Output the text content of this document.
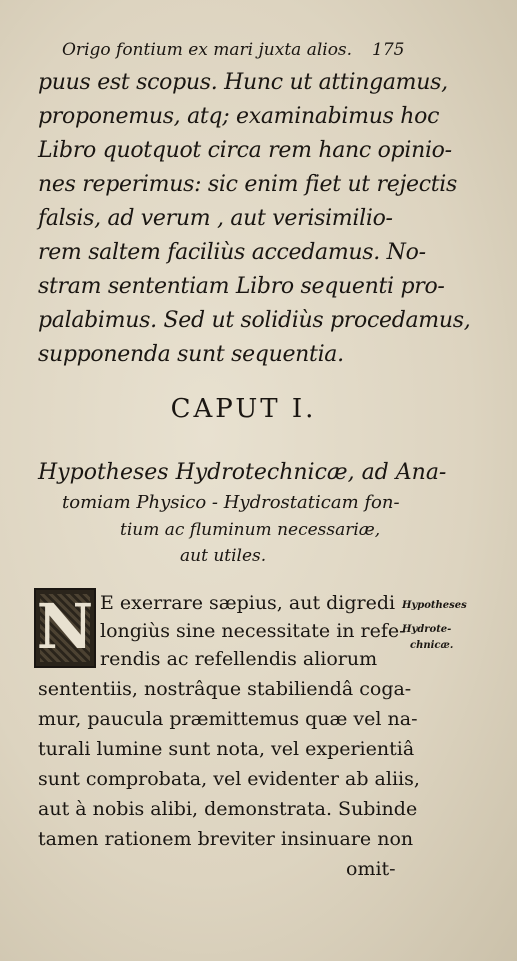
Origo fontium ex mari juxta alios. 175
puus est scopus. Hunc ut attingamus,
proponemus, atq; examinabimus hoc
Libro quotquot circa rem hanc opinio-
nes reperimus: sic enim fiet ut rejectis
falsis, ad verum , aut verisimilio-
rem saltem faciliùs accedamus. No-
stram sententiam Libro sequenti pro-
palabimus. Sed ut solidiùs procedamus,
supponenda sunt sequentia.
CAPUT I.
Hypotheses Hydrotechnicæ, ad Ana-
tomiam Physico - Hydrostaticam fon-
tium ac fluminum necessariæ,
aut utiles.
N E exerrare sæpius, aut digredi
longiùs sine necessitate in refe-
rendis ac refellendis aliorum
sententiis, nostrâque stabiliendâ coga-
mur, paucula præmittemus quæ vel na-
turali lumine sunt nota, vel experientiâ
sunt comprobata, vel evidenter ab aliis,
aut à nobis alibi, demonstrata. Subinde
tamen rationem breviter insinuare non
omit-
Hypotheses
Hydrote-
chnicæ.
